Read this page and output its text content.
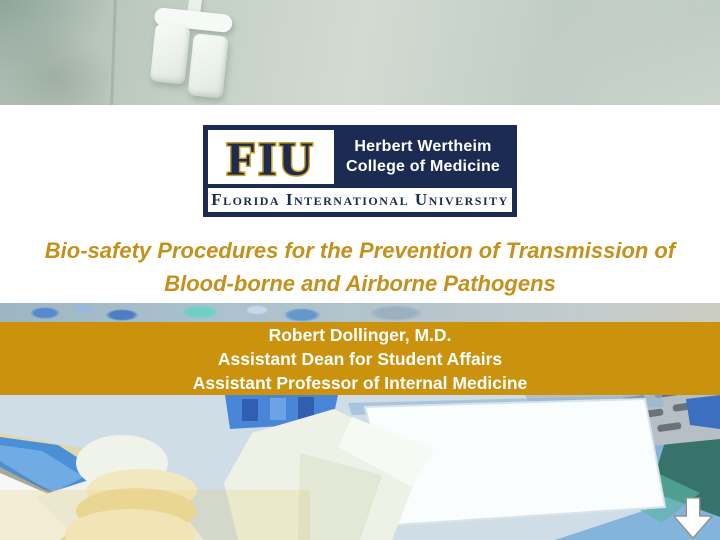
FIU	Herbert Wertheim
College of Medicine
Florida International University
Bio-safety Procedures for the Prevention of Transmission of
Blood-borne and Airborne Pathogens
Robert Dollinger, M.D.
Assistant Dean for Student Affairs
Assistant Professor of Internal Medicine
